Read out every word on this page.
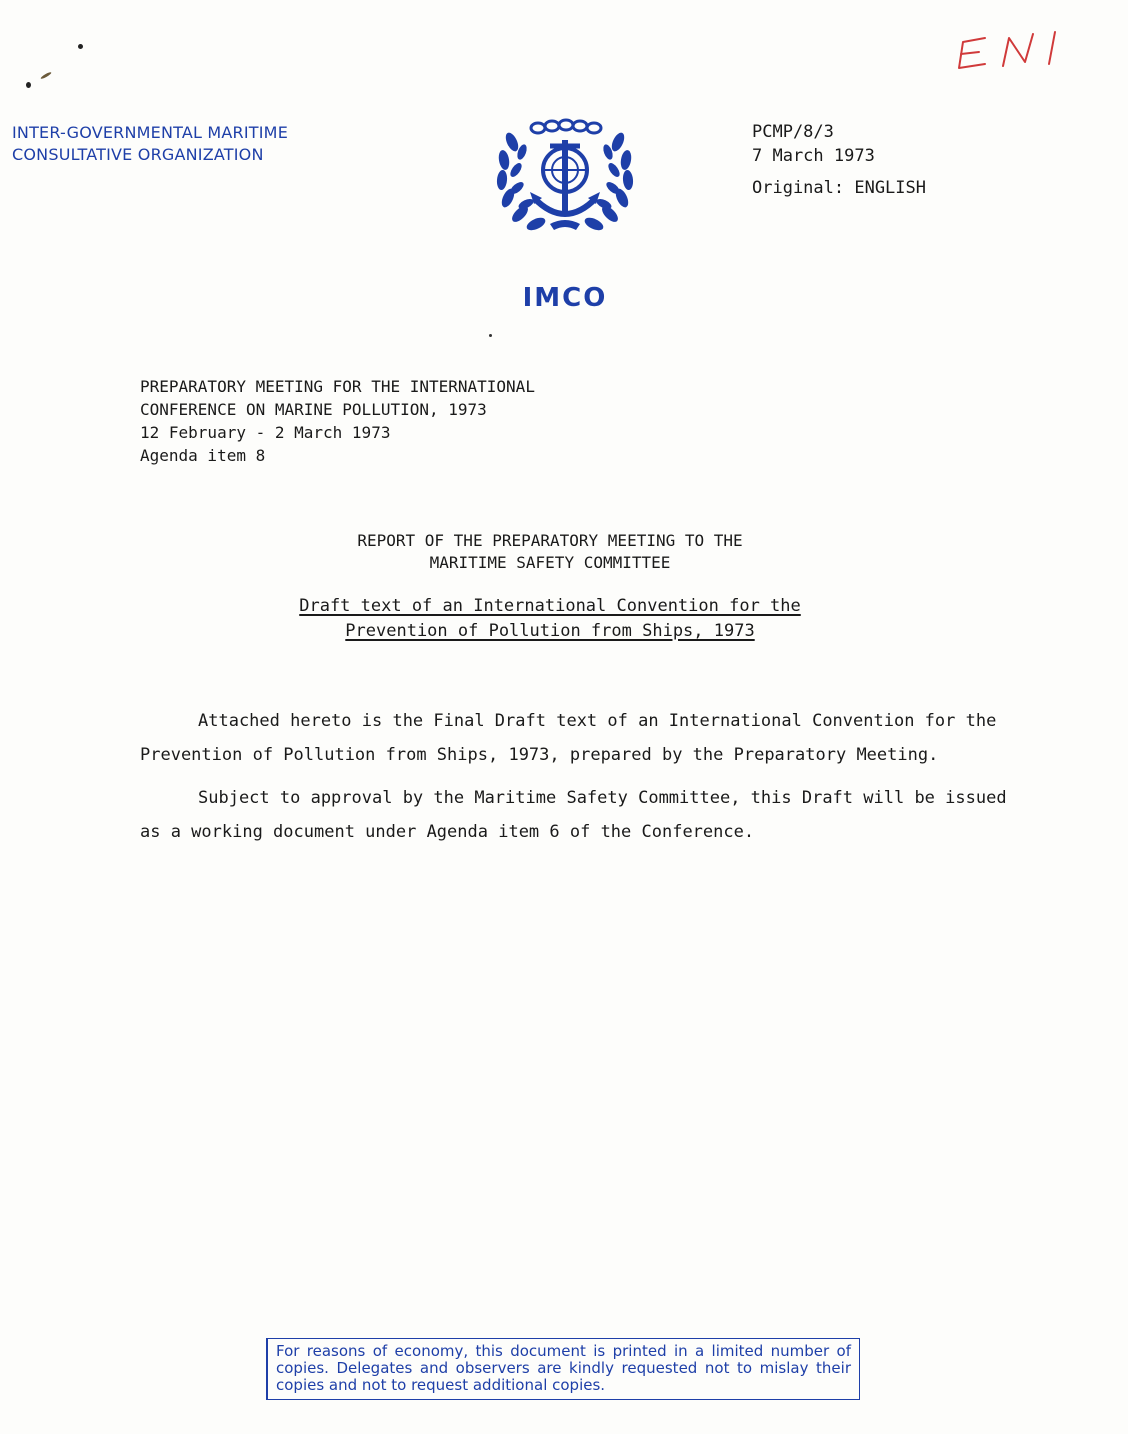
INTER-GOVERNMENTAL MARITIME
CONSULTATIVE ORGANIZATION
IMCO
PCMP/8/3
7 March 1973
Original: ENGLISH
PREPARATORY MEETING FOR THE INTERNATIONAL
CONFERENCE ON MARINE POLLUTION, 1973
12 February - 2 March 1973
Agenda item 8
REPORT OF THE PREPARATORY MEETING TO THE
MARITIME SAFETY COMMITTEE
Draft text of an International Convention for the
Prevention of Pollution from Ships, 1973

Attached hereto is the Final Draft text of an International Convention for the Prevention of Pollution from Ships, 1973, prepared by the Preparatory Meeting.

Subject to approval by the Maritime Safety Committee, this Draft will be issued as a working document under Agenda item 6 of the Conference.

For reasons of economy, this document is printed in a limited number of copies. Delegates and observers are kindly requested not to mislay their copies and not to request additional copies.
